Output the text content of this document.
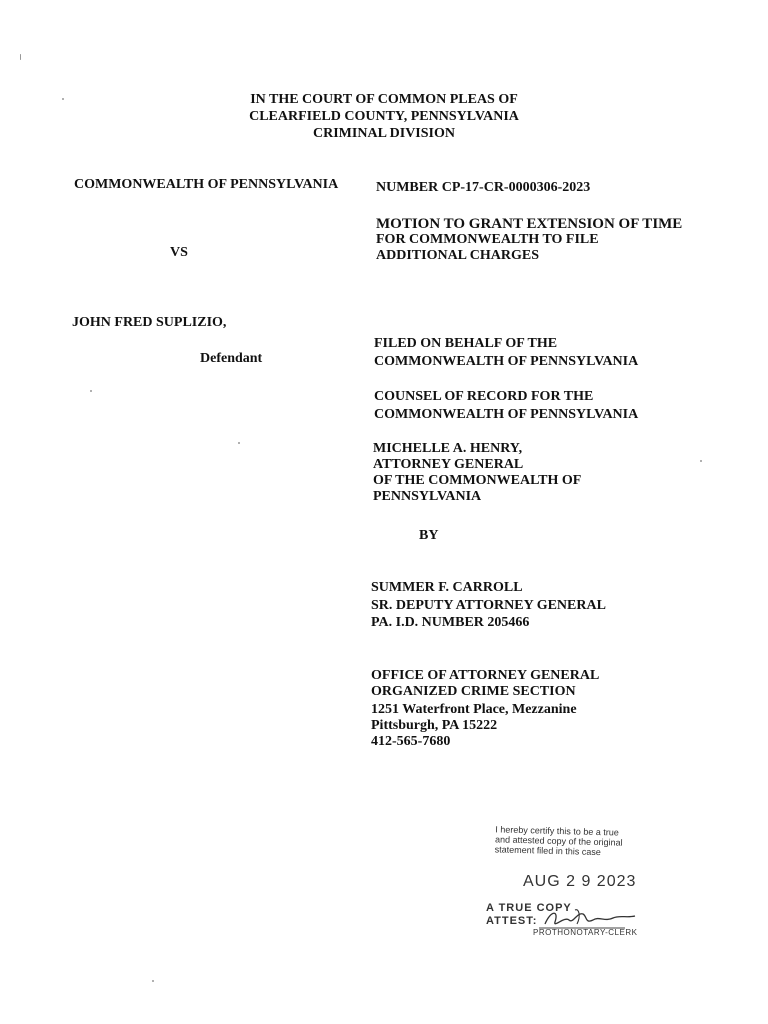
IN THE COURT OF COMMON PLEAS OF
CLEARFIELD COUNTY, PENNSYLVANIA
CRIMINAL DIVISION
COMMONWEALTH OF PENNSYLVANIA
VS
JOHN FRED SUPLIZIO,
Defendant
NUMBER CP-17-CR-0000306-2023
MOTION TO GRANT EXTENSION OF TIME
FOR COMMONWEALTH TO FILE
ADDITIONAL CHARGES
FILED ON BEHALF OF THE
COMMONWEALTH OF PENNSYLVANIA
COUNSEL OF RECORD FOR THE
COMMONWEALTH OF PENNSYLVANIA
MICHELLE A. HENRY,
ATTORNEY GENERAL
OF THE COMMONWEALTH OF
PENNSYLVANIA
BY
SUMMER F. CARROLL
SR. DEPUTY ATTORNEY GENERAL
PA. I.D. NUMBER 205466
OFFICE OF ATTORNEY GENERAL
ORGANIZED CRIME SECTION
1251 Waterfront Place, Mezzanine
Pittsburgh, PA 15222
412-565-7680
I hereby certify this to be a true
and attested copy of the original
statement filed in this case
AUG 2 9 2023
A TRUE COPY
ATTEST:
PROTHONOTARY-CLERK
